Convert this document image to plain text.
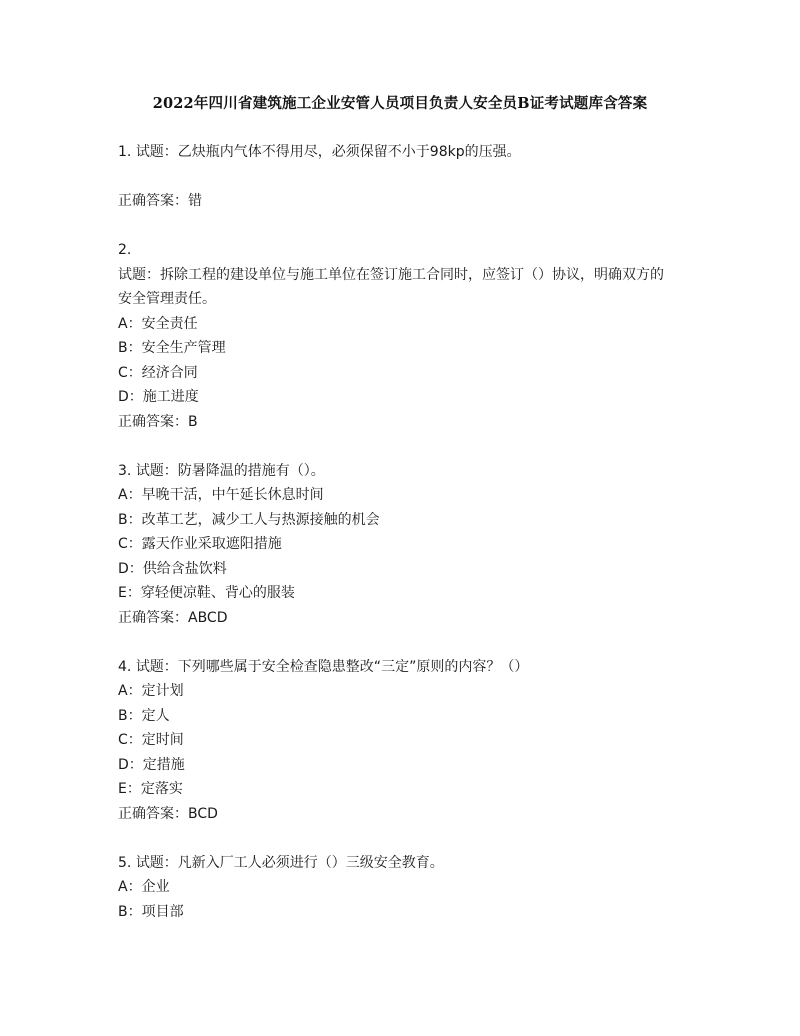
2022年四川省建筑施工企业安管人员项目负责人安全员B证考试题库含答案
1. 试题：乙炔瓶内气体不得用尽，必须保留不小于98kp的压强。
正确答案：错
2.
试题：拆除工程的建设单位与施工单位在签订施工合同时，应签订（）协议，明确双方的
安全管理责任。
A：安全责任
B：安全生产管理
C：经济合同
D：施工进度
正确答案：B
3. 试题：防暑降温的措施有（）。
A：早晚干活，中午延长休息时间
B：改革工艺，减少工人与热源接触的机会
C：露天作业采取遮阳措施
D：供给含盐饮料
E：穿轻便凉鞋、背心的服装
正确答案：ABCD
4. 试题：下列哪些属于安全检查隐患整改“三定”原则的内容？（）
A：定计划
B：定人
C：定时间
D：定措施
E：定落实
正确答案：BCD
5. 试题：凡新入厂工人必须进行（）三级安全教育。
A：企业
B：项目部
